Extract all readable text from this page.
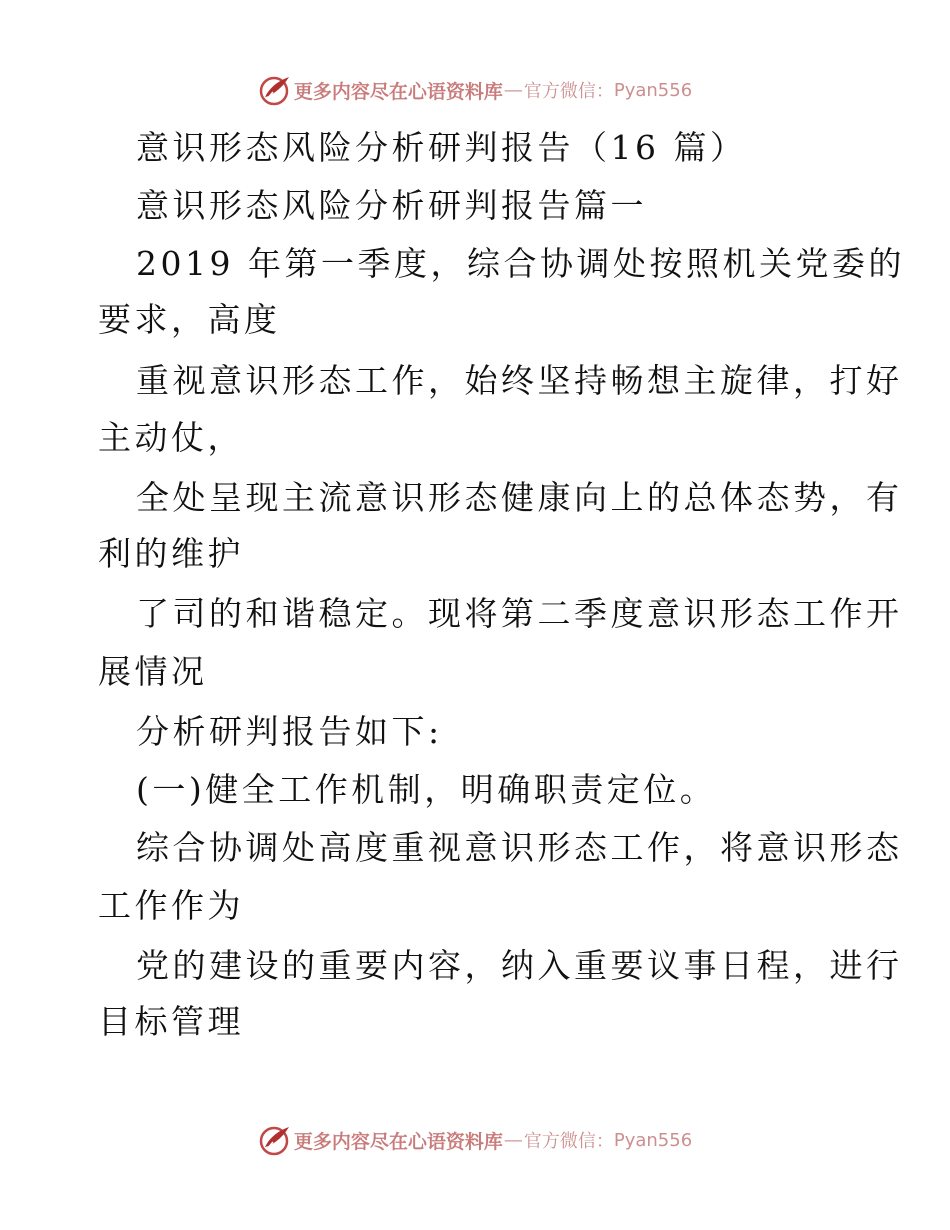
更多内容尽在心语资料库 — 官方微信： Pyan556

意识形态风险分析研判报告（16 篇）

意识形态风险分析研判报告篇一

2019 年第一季度，综合协调处按照机关党委的

要求，高度

重视意识形态工作，始终坚持畅想主旋律，打好

主动仗，

全处呈现主流意识形态健康向上的总体态势，有

利的维护

了司的和谐稳定。现将第二季度意识形态工作开

展情况

分析研判报告如下:

(一)健全工作机制，明确职责定位。

综合协调处高度重视意识形态工作，将意识形态

工作作为

党的建设的重要内容，纳入重要议事日程，进行

目标管理

更多内容尽在心语资料库 — 官方微信： Pyan556
